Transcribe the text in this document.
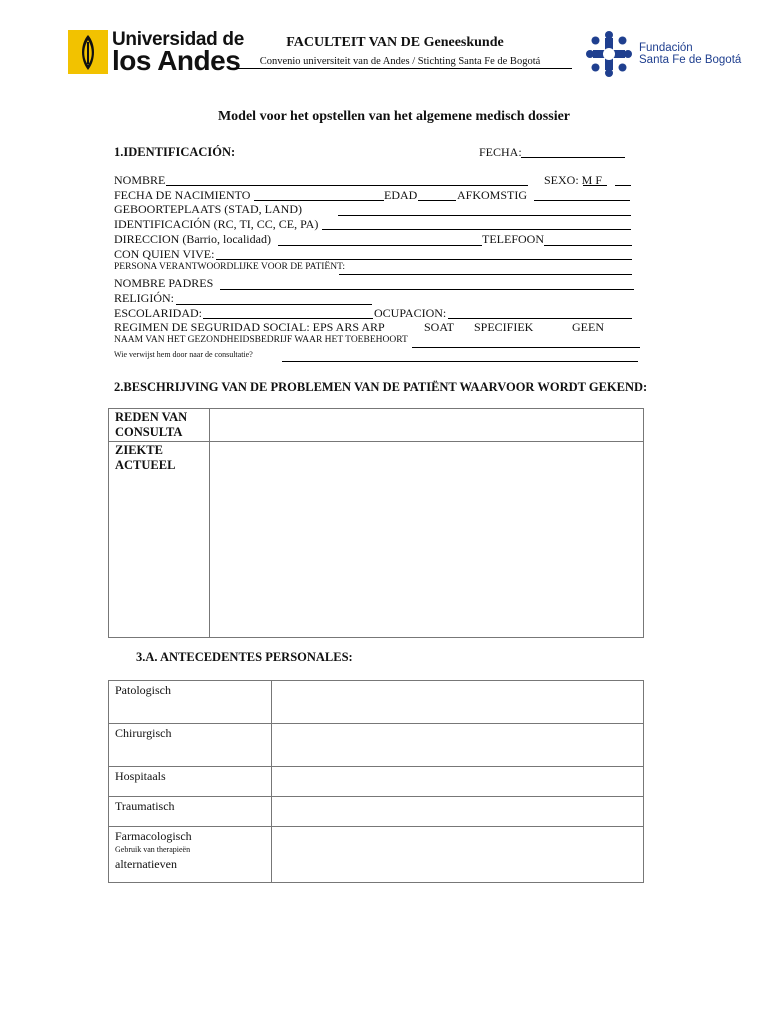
Universidad de
los Andes
FACULTEIT VAN DE Geneeskunde
Convenio universiteit van de Andes / Stichting Santa Fe de Bogotá
Fundación
Santa Fe de Bogotá
Model voor het opstellen van het algemene medisch dossier
1.IDENTIFICACIÓN:	FECHA:
NOMBRE	SEXO: M F
FECHA DE NACIMIENTO	EDAD	AFKOMSTIG
GEBOORTEPLAATS (STAD, LAND)
IDENTIFICACIÓN (RC, TI, CC, CE, PA)
DIRECCION (Barrio, localidad)	TELEFOON
CON QUIEN VIVE:
PERSONA VERANTWOORDLIJKE VOOR DE PATIËNT:
NOMBRE PADRES
RELIGIÓN:
ESCOLARIDAD:	OCUPACION:
REGIMEN DE SEGURIDAD SOCIAL: EPS ARS ARP	SOAT SPECIFIEK	GEEN
NAAM VAN HET GEZONDHEIDSBEDRIJF WAAR HET TOEBEHOORT
Wie verwijst hem door naar de consultatie?
2.BESCHRIJVING VAN DE PROBLEMEN VAN DE PATIËNT WAARVOOR WORDT GEKEND:
REDEN VAN CONSULTA	
ZIEKTE ACTUEEL	
3.A. ANTECEDENTES PERSONALES:
Patologisch	
Chirurgisch	
Hospitaals	
Traumatisch	
Farmacologisch
Gebruik van therapieën
alternatieven	
